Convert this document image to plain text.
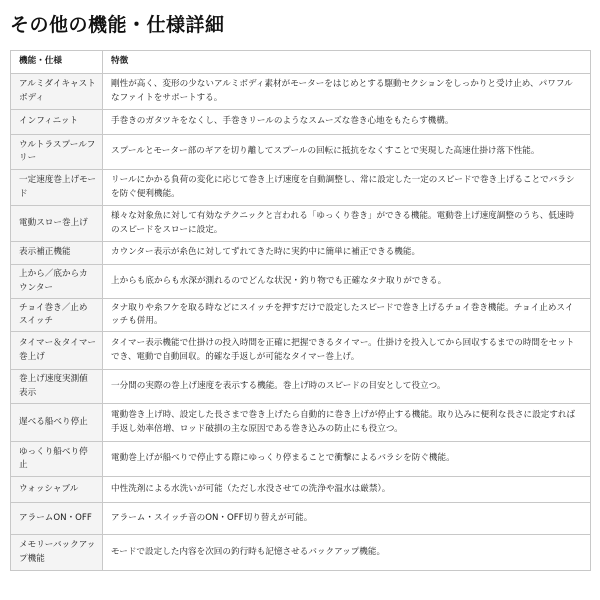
その他の機能・仕様詳細
機能・仕様	特徴
アルミダイキャストボディ	剛性が高く、変形の少ないアルミボディ素材がモーターをはじめとする駆動セクションをしっかりと受け止め、パワフルなファイトをサポートする。
インフィニット	手巻きのガタツキをなくし、手巻きリールのようなスムーズな巻き心地をもたらす機構。
ウルトラスプールフリー	スプールとモーター部のギアを切り離してスプールの回転に抵抗をなくすことで実現した高速仕掛け落下性能。
一定速度巻上げモード	リールにかかる負荷の変化に応じて巻き上げ速度を自動調整し、常に設定した一定のスピードで巻き上げることでバラシを防ぐ便利機能。
電動スロー巻上げ	様々な対象魚に対して有効なテクニックと言われる「ゆっくり巻き」ができる機能。電動巻上げ速度調整のうち、低速時のスピードをスローに設定。
表示補正機能	カウンター表示が糸色に対してずれてきた時に実釣中に簡単に補正できる機能。
上から／底からカウンター	上からも底からも水深が測れるのでどんな状況・釣り物でも正確なタナ取りができる。
チョイ巻き／止めスイッチ	タナ取りや糸フケを取る時などにスイッチを押すだけで設定したスピードで巻き上げるチョイ巻き機能。チョイ止めスイッチも併用。
タイマー＆タイマー巻上げ	タイマー表示機能で仕掛けの投入時間を正確に把握できるタイマー。仕掛けを投入してから回収するまでの時間をセットでき、電動で自動回収。的確な手返しが可能なタイマー巻上げ。
巻上げ速度実測値表示	一分間の実際の巻上げ速度を表示する機能。巻上げ時のスピードの目安として役立つ。
遅べる船べり停止	電動巻き上げ時、設定した長さまで巻き上げたら自動的に巻き上げが停止する機能。取り込みに便利な長さに設定すれば手返し効率倍増、ロッド破損の主な原因である巻き込みの防止にも役立つ。
ゆっくり船べり停止	電動巻上げが船べりで停止する際にゆっくり停まることで衝撃によるバラシを防ぐ機能。
ウォッシャブル	中性洗剤による水洗いが可能（ただし水没させての洗浄や温水は厳禁）。
アラームON・OFF	アラーム・スイッチ音のON・OFF切り替えが可能。
メモリーバックアップ機能	モードで設定した内容を次回の釣行時も記憶させるバックアップ機能。
